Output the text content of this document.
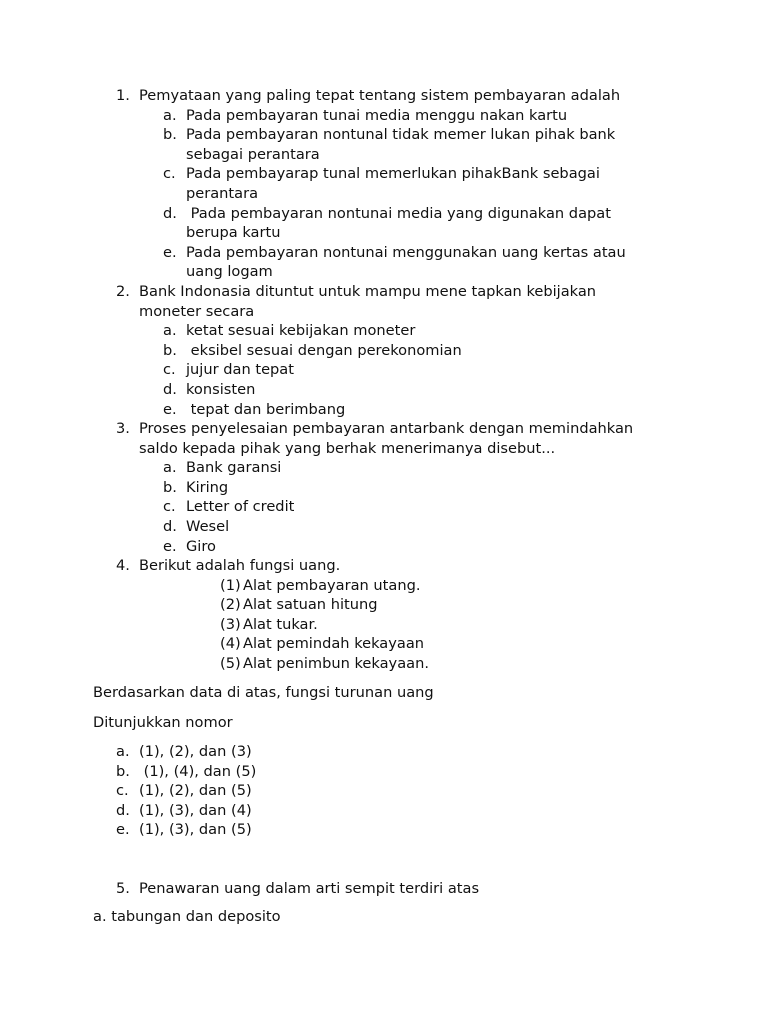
1. Pemyataan yang paling tepat tentang sistem pembayaran adalah
a. Pada pembayaran tunai media menggu nakan kartu
b. Pada pembayaran nontunal tidak memer lukan pihak bank
sebagai perantara
c. Pada pembayarap tunal memerlukan pihakBank sebagai
perantara
d. Pada pembayaran nontunai media yang digunakan dapat
berupa kartu
e. Pada pembayaran nontunai menggunakan uang kertas atau
uang logam
2. Bank Indonasia dituntut untuk mampu mene tapkan kebijakan
moneter secara
a. ketat sesuai kebijakan moneter
b. eksibel sesuai dengan perekonomian
c. jujur dan tepat
d. konsisten
e. tepat dan berimbang
3. Proses penyelesaian pembayaran antarbank dengan memindahkan
saldo kepada pihak yang berhak menerimanya disebut...
a. Bank garansi
b. Kiring
c. Letter of credit
d. Wesel
e. Giro
4. Berikut adalah fungsi uang.
(1) Alat pembayaran utang.
(2) Alat satuan hitung
(3) Alat tukar.
(4) Alat pemindah kekayaan
(5) Alat penimbun kekayaan.
Berdasarkan data di atas, fungsi turunan uang
Ditunjukkan nomor
a. (1), (2), dan (3)
b. (1), (4), dan (5)
c. (1), (2), dan (5)
d. (1), (3), dan (4)
e. (1), (3), dan (5)
5. Penawaran uang dalam arti sempit terdiri atas
a. tabungan dan deposito
